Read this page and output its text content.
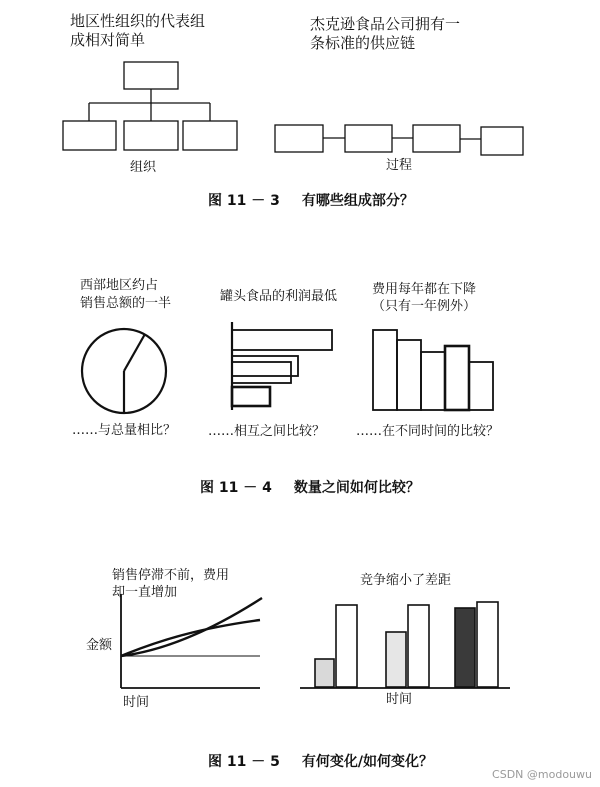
地区性组织的代表组
成相对简单
杰克逊食品公司拥有一
条标准的供应链
组织	过程
图 11 － 3 有哪些组成部分？
西部地区约占
销售总额的一半	罐头食品的利润最低	费用每年都在下降
（只有一年例外）
……与总量相比？ ……相互之间比较？ ……在不同时间的比较？
图 11 － 4 数量之间如何比较？
销售停滞不前，费用
却一直增加
竞争缩小了差距
金额
时间	时间
图 11 － 5 有何变化/如何变化？
CSDN @modouwu
